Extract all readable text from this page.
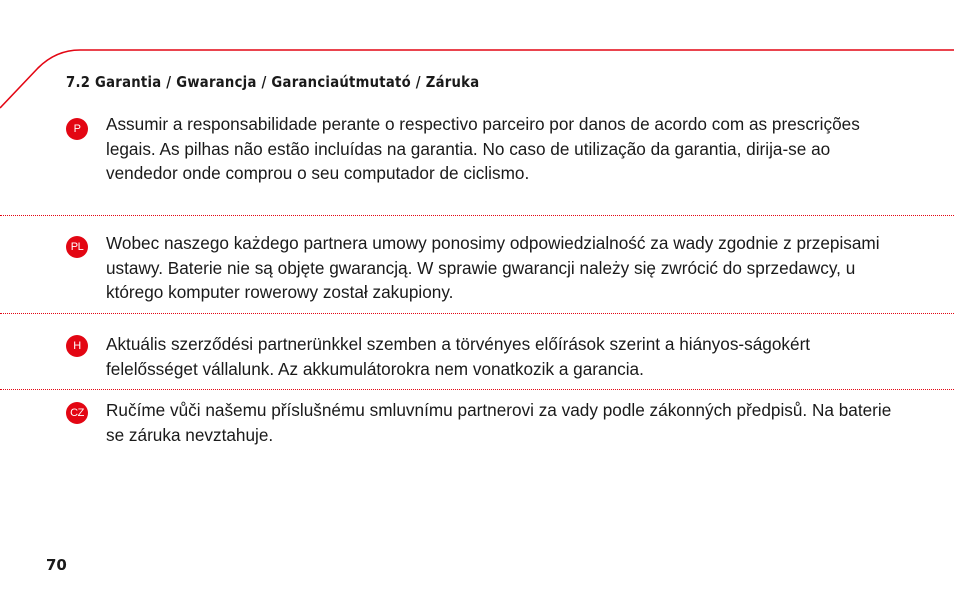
7.2 Garantia / Gwarancja / Garanciaútmutató / Záruka
P	Assumir a responsabilidade perante o respectivo parceiro por danos de acordo com as prescrições legais. As pilhas não estão incluídas na garantia. No caso de utilização da garantia, dirija-se ao vendedor onde comprou o seu computador de ciclismo.

PL Wobec naszego każdego partnera umowy ponosimy odpowiedzialność za wady zgodnie z przepisami ustawy. Baterie nie są objęte gwarancją. W sprawie gwarancji należy się zwrócić do sprzedawcy, u którego komputer rowerowy został zakupiony.

H	Aktuális szerződési partnerünkkel szemben a törvényes előírások szerint a hiányos-ságokért felelősséget vállalunk. Az akkumulátorokra nem vonatkozik a garancia.

CZ Ručíme vůči našemu příslušnému smluvnímu partnerovi za vady podle zákonných předpisů. Na baterie se záruka nevztahuje.

70
